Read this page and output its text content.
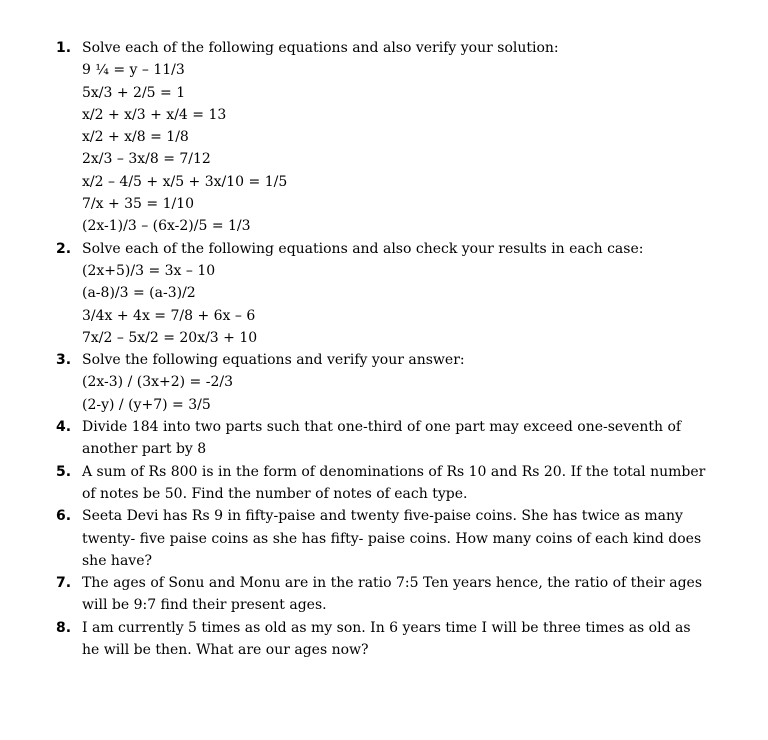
1. Solve each of the following equations and also verify your solution:
9 ¼ = y – 11/3
5x/3 + 2/5 = 1
x/2 + x/3 + x/4 = 13
x/2 + x/8 = 1/8
2x/3 – 3x/8 = 7/12
x/2 – 4/5 + x/5 + 3x/10 = 1/5
7/x + 35 = 1/10
(2x-1)/3 – (6x-2)/5 = 1/3
2. Solve each of the following equations and also check your results in each case:
(2x+5)/3 = 3x – 10
(a-8)/3 = (a-3)/2
3/4x + 4x = 7/8 + 6x – 6
7x/2 – 5x/2 = 20x/3 + 10
3. Solve the following equations and verify your answer:
(2x-3) / (3x+2) = -2/3
(2-y) / (y+7) = 3/5
4. Divide 184 into two parts such that one-third of one part may exceed one-seventh of another part by 8
5. A sum of Rs 800 is in the form of denominations of Rs 10 and Rs 20. If the total number of notes be 50. Find the number of notes of each type.
6. Seeta Devi has Rs 9 in fifty-paise and twenty five-paise coins. She has twice as many twenty- five paise coins as she has fifty- paise coins. How many coins of each kind does she have?
7. The ages of Sonu and Monu are in the ratio 7:5 Ten years hence, the ratio of their ages will be 9:7 find their present ages.
8. I am currently 5 times as old as my son. In 6 years time I will be three times as old as he will be then. What are our ages now?
